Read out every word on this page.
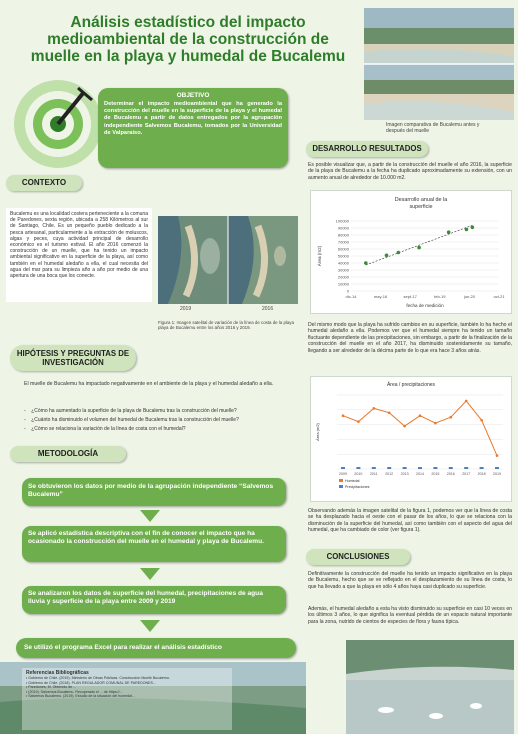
Análisis estadístico del impacto medioambiental de la construcción de muelle en la playa y humedal de Bucalemu
Imagen comparativa de Bucalemu antes y después del muelle
OBJETIVO
Determinar el impacto medioambiental que ha generado la construcción del muelle en la superficie de la playa y el humedal de Bucalemu a partir de datos entregados por la agrupación independiente Salvemos Bucalemu, tomados por la Universidad de Valparaíso.
CONTEXTO
Bucalemu es una localidad costera perteneciente a la comuna de Paredones, sexta región, ubicada a 258 Kilómetros al sur de Santiago, Chile. Es un pequeño pueblo dedicado a la pesca artesanal, particularmente a la extracción de moluscos, algas y peces, cuya actividad principal de desarrollo económico es el turismo estival. El año 2016 comenzó la construcción de un muelle, que ha tenido un impacto ambiental significativo en la superficie de la playa, así como también en el humedal aledaño a ella, el cual necesita del agua del mar para su limpieza año a año por medio de una apertura de una boca que los conecte.
2019	2016
Figura 1: Imagen satelital de variación de la línea de costa de la playa playa de Bucalemu entre los años 2016 y 2019.
HIPÓTESIS Y PREGUNTAS DE INVESTIGACIÓN
El muelle de Bucalemu ha impactado negativamente en el ambiente de la playa y el humedal aledaño a ella.
-    ¿Cómo ha aumentado la superficie de la playa de Bucalemu tras la construcción del muelle?
-    ¿Cuánto ha disminuido el volumen del humedal de Bucalemu tras la construcción del muelle?
-    ¿Cómo se relaciona la variación de la línea de costa con el humedal?
METODOLOGÍA
Se obtuvieron los datos por medio de la agrupación independiente “Salvemos Bucalemu”
Se aplicó estadística descriptiva con el fin de conocer el impacto que ha ocasionado la construcción del muelle en el humedal y playa de Bucalemu.
Se analizaron los datos de superficie del humedal, precipitaciones de agua lluvia y superficie de la playa entre 2009 y 2019
Se utilizó el programa Excel para realizar el análisis estadístico
Referencias Bibliográficas
• Gobierno de Chile. (2019). Ministerio de Obras Públicas. Construcción Muelle Bucalemu.
• Gobierno de Chile. (2018). PLAN REGULADOR COMUNAL DE PAREDONES...
• Paredones, M. Obtenido de ...
• (2019). Salvemos Bucalemu. Recuperado el ... de https://...
• Salvemos Bucalemu. (2019). Estudio de la situación del humedal...
DESARROLLO RESULTADOS
Es posible visualizar que, a partir de la construcción del muelle el año 2016, la superficie de la playa de Bucalemu a la fecha ha duplicado aproximadamente su extensión, con un aumento anual de alrededor de 10.000 m2.
Desarrollo anual de la
superficie
0
10000
20000
30000
40000
50000
60000
70000
80000
90000
100000
dic-14	may-16	sept-17	feb-19	jun-20	oct-21
fecha de medición
Área (m2)
Del mismo modo que la playa ha sufrido cambios en su superficie, también lo ha hecho el humedal aledaño a ella. Podemos ver que el humedal siempre ha tenido un tamaño fluctuante dependiente de las precipitaciones, sin embargo, a partir de la finalización de la construcción del muelle en el año 2017, ha disminuido sostenidamente su tamaño, llegando a ser alrededor de la décima parte de lo que era hace 3 años atrás.
Área / precipitaciones
Área (m2)
2009 2010 2011 2012 2013 2014 2015 2016 2017 2018 2019
Humedal
Precipitaciones
Observando además la imagen satelital de la figura 1, podemos ver que la línea de costa se ha desplazado hacia el oeste con el pasar de los años, lo que se relaciona con la disminución de la superficie del humedal, así como también con el aspecto del agua del humedal, que ha cambiado de color (ver figura 1).
CONCLUSIONES
Definitivamente la construcción del muelle ha tenido un impacto significativo en la playa de Bucalemu, hecho que se ve reflejado en el desplazamiento de su línea de costa, lo que ha llevado a que la playa en sólo 4 años haya casi duplicado su superficie.
Además, el humedal aledaño a esta ha visto disminuido su superficie en casi 10 veces en los últimos 3 años, lo que significa la eventual pérdida de un espacio natural importante para la zona, nutrido de cientos de especies de flora y fauna típica.
